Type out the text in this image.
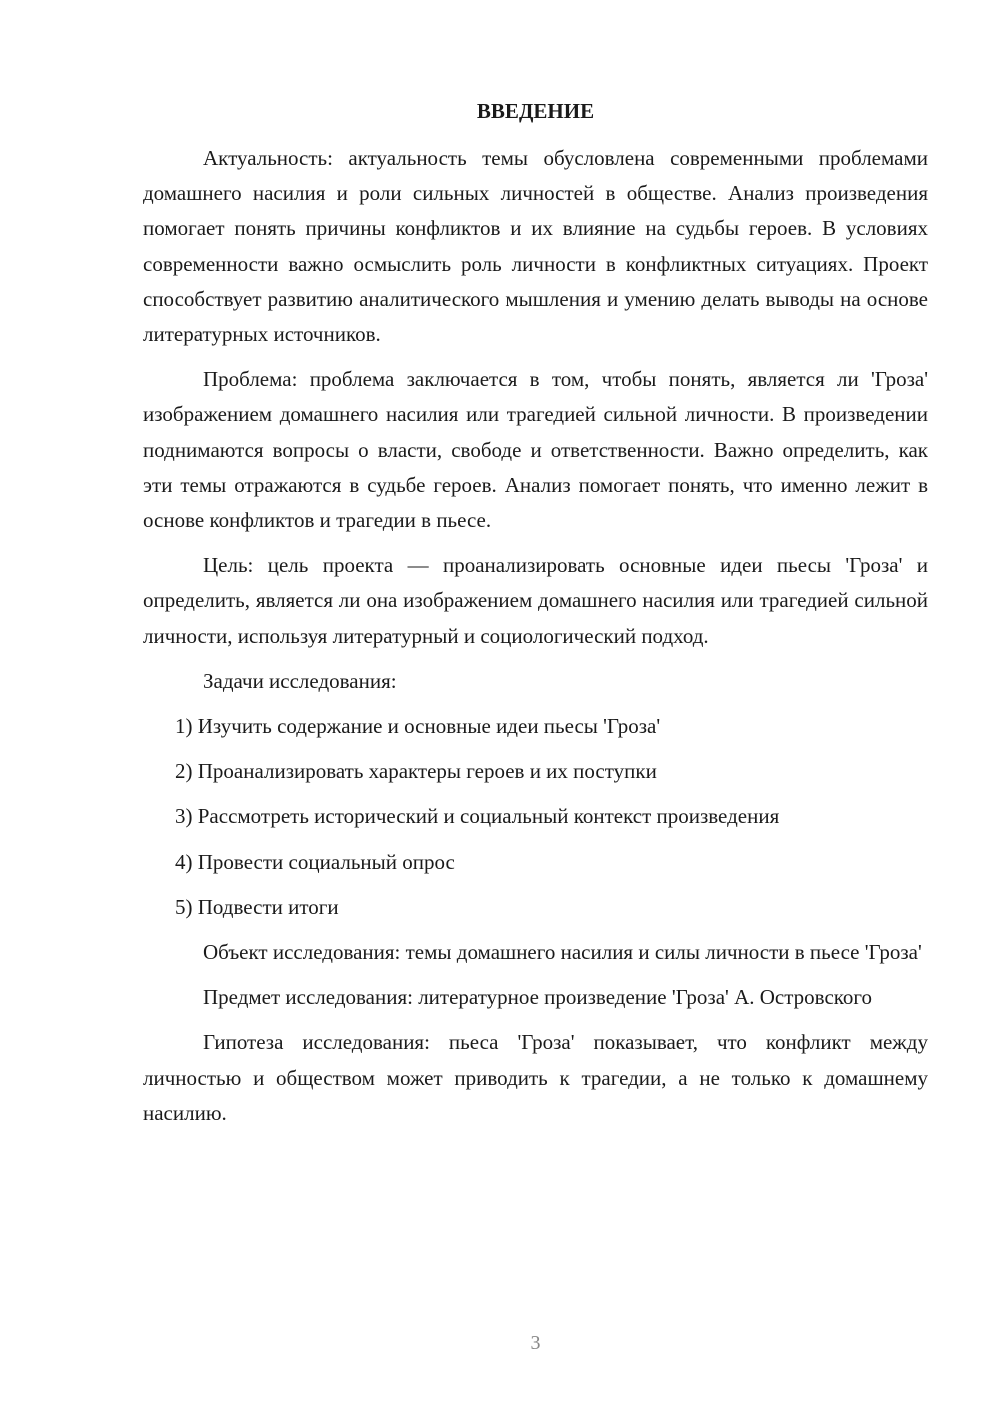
ВВЕДЕНИЕ

Актуальность: актуальность темы обусловлена современными проблемами домашнего насилия и роли сильных личностей в обществе. Анализ произведения помогает понять причины конфликтов и их влияние на судьбы героев. В условиях современности важно осмыслить роль личности в конфликтных ситуациях. Проект способствует развитию аналитического мышления и умению делать выводы на основе литературных источников.

Проблема: проблема заключается в том, чтобы понять, является ли 'Гроза' изображением домашнего насилия или трагедией сильной личности. В произведении поднимаются вопросы о власти, свободе и ответственности. Важно определить, как эти темы отражаются в судьбе героев. Анализ помогает понять, что именно лежит в основе конфликтов и трагедии в пьесе.

Цель: цель проекта — проанализировать основные идеи пьесы 'Гроза' и определить, является ли она изображением домашнего насилия или трагедией сильной личности, используя литературный и социологический подход.

Задачи исследования:

1) Изучить содержание и основные идеи пьесы 'Гроза'

2) Проанализировать характеры героев и их поступки

3) Рассмотреть исторический и социальный контекст произведения

4) Провести социальный опрос

5) Подвести итоги

Объект исследования: темы домашнего насилия и силы личности в пьесе 'Гроза'

Предмет исследования: литературное произведение 'Гроза' А. Островского

Гипотеза исследования: пьеса 'Гроза' показывает, что конфликт между личностью и обществом может приводить к трагедии, а не только к домашнему насилию.

3
